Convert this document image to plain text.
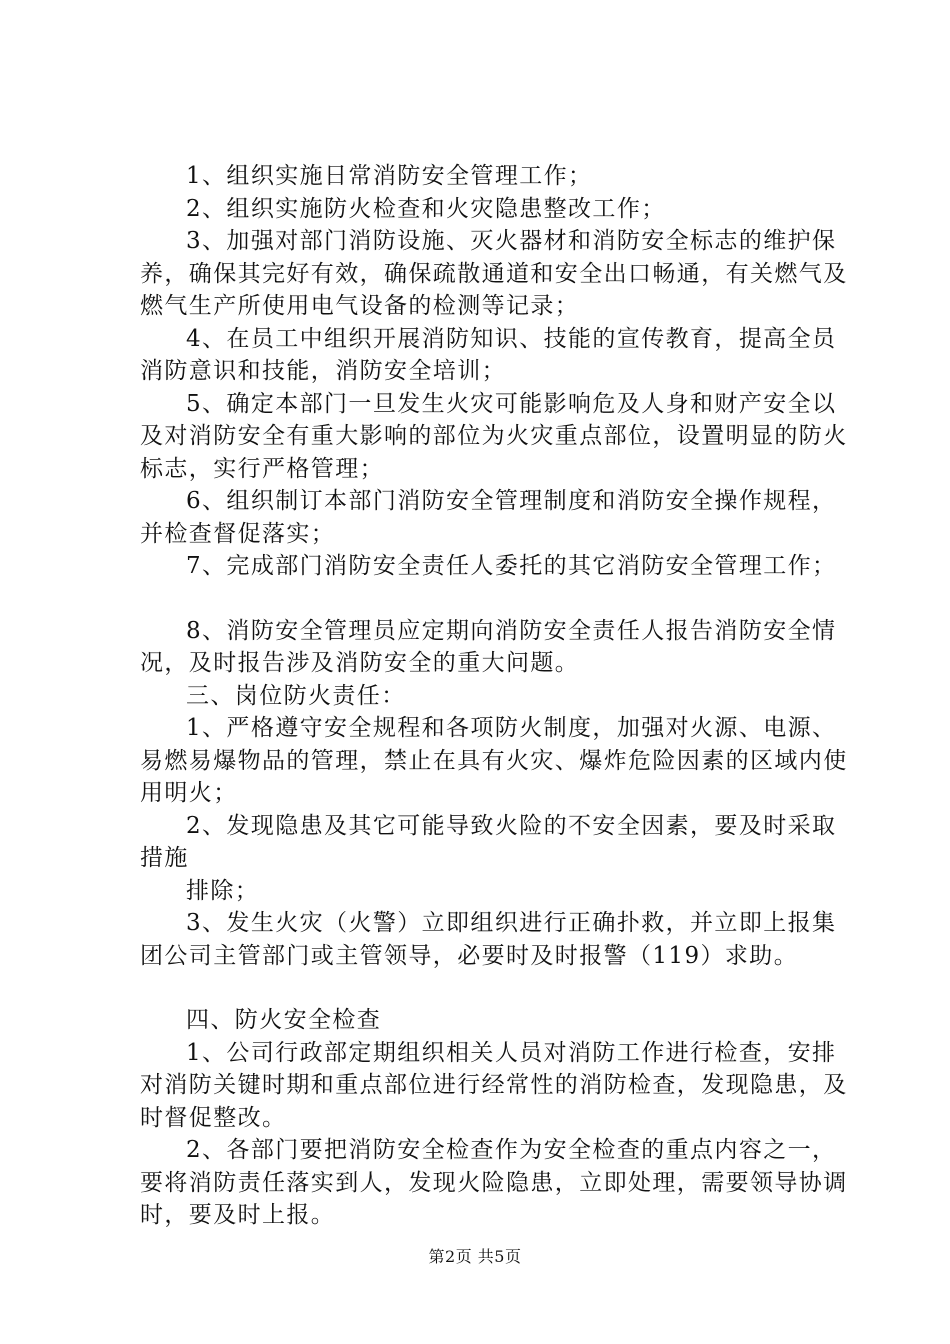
1、组织实施日常消防安全管理工作；

2、组织实施防火检查和火灾隐患整改工作；

3、加强对部门消防设施、灭火器材和消防安全标志的维护保养，确保其完好有效，确保疏散通道和安全出口畅通，有关燃气及燃气生产所使用电气设备的检测等记录；

4、在员工中组织开展消防知识、技能的宣传教育，提高全员消防意识和技能，消防安全培训；

5、确定本部门一旦发生火灾可能影响危及人身和财产安全以及对消防安全有重大影响的部位为火灾重点部位，设置明显的防火标志，实行严格管理；

6、组织制订本部门消防安全管理制度和消防安全操作规程，并检查督促落实；

7、完成部门消防安全责任人委托的其它消防安全管理工作；

8、消防安全管理员应定期向消防安全责任人报告消防安全情况，及时报告涉及消防安全的重大问题。

三、岗位防火责任：

1、严格遵守安全规程和各项防火制度，加强对火源、电源、易燃易爆物品的管理，禁止在具有火灾、爆炸危险因素的区域内使用明火；

2、发现隐患及其它可能导致火险的不安全因素，要及时采取措施

排除；

3、发生火灾（火警）立即组织进行正确扑救，并立即上报集团公司主管部门或主管领导，必要时及时报警（119）求助。

四、防火安全检查

1、公司行政部定期组织相关人员对消防工作进行检查，安排对消防关键时期和重点部位进行经常性的消防检查，发现隐患，及时督促整改。

2、各部门要把消防安全检查作为安全检查的重点内容之一，要将消防责任落实到人，发现火险隐患，立即处理，需要领导协调时，要及时上报。

第2页 共5页
